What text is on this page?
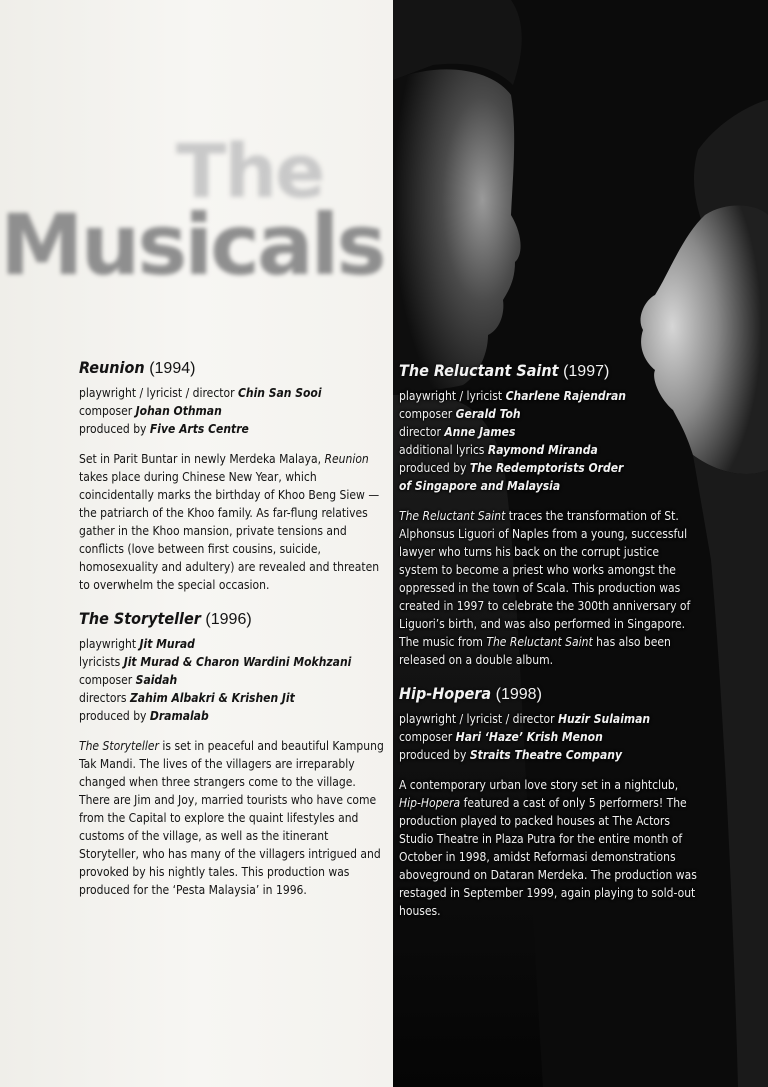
The
Musicals
Reunion (1994)
playwright / lyricist / director Chin San Sooi
composer Johan Othman
produced by Five Arts Centre

Set in Parit Buntar in newly Merdeka Malaya, Reunion takes place during Chinese New Year, which coincidentally marks the birthday of Khoo Beng Siew — the patriarch of the Khoo family. As far-flung relatives gather in the Khoo mansion, private tensions and conflicts (love between first cousins, suicide, homosexuality and adultery) are revealed and threaten to overwhelm the special occasion.

The Storyteller (1996)
playwright Jit Murad
lyricists Jit Murad & Charon Wardini Mokhzani
composer Saidah
directors Zahim Albakri & Krishen Jit
produced by Dramalab

The Storyteller is set in peaceful and beautiful Kampung Tak Mandi. The lives of the villagers are irreparably changed when three strangers come to the village. There are Jim and Joy, married tourists who have come from the Capital to explore the quaint lifestyles and customs of the village, as well as the itinerant Storyteller, who has many of the villagers intrigued and provoked by his nightly tales. This production was produced for the ‘Pesta Malaysia’ in 1996.

The Reluctant Saint (1997)
playwright / lyricist Charlene Rajendran
composer Gerald Toh
director Anne James
additional lyrics Raymond Miranda
produced by The Redemptorists Order
of Singapore and Malaysia

The Reluctant Saint traces the transformation of St. Alphonsus Liguori of Naples from a young, successful lawyer who turns his back on the corrupt justice system to become a priest who works amongst the oppressed in the town of Scala. This production was created in 1997 to celebrate the 300th anniversary of Liguori’s birth, and was also performed in Singapore. The music from The Reluctant Saint has also been released on a double album.

Hip-Hopera (1998)
playwright / lyricist / director Huzir Sulaiman
composer Hari ‘Haze’ Krish Menon
produced by Straits Theatre Company

A contemporary urban love story set in a nightclub, Hip-Hopera featured a cast of only 5 performers! The production played to packed houses at The Actors Studio Theatre in Plaza Putra for the entire month of October in 1998, amidst Reformasi demonstrations aboveground on Dataran Merdeka. The production was restaged in September 1999, again playing to sold-out houses.
